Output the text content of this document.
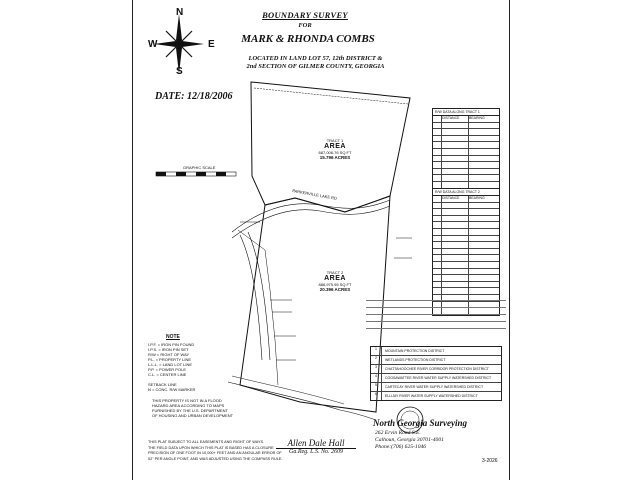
N
S
W	E
BOUNDARY SURVEY
FOR
MARK & RHONDA COMBS
LOCATED IN LAND LOT 57, 12th DISTRICT &
2nd SECTION OF GILMER COUNTY, GEORGIA
DATE: 12/18/2006
GRAPHIC SCALE
TRACT 1
AREA
687,006.76 SQ FT
15.796 ACRES
TRACT 2
AREA
886,975.95 SQ FT
20.396 ACRES
PARKERVILLE LAKE RD
R/W DATA ALONG TRACT 1
DISTANCE	BEARING
R/W DATA ALONG TRACT 2
DISTANCE	BEARING
1	MOUNTAIN PROTECTION DISTRICT
2	WETLANDS PROTECTION DISTRICT
3	CHATTAHOOCHEE RIVER CORRIDOR PROTECTION DISTRICT
4	COOSAWATTEE RIVER WATER SUPPLY WATERSHED DISTRICT
5	CARTECAY RIVER WATER SUPPLY WATERSHED DISTRICT
6	ELLIJAY RIVER WATER SUPPLY WATERSHED DISTRICT
NOTE
I.P.F. = IRON PIN FOUND
I.P.S. = IRON PIN SET
R/W = RIGHT OF WAY
P.L. = PROPERTY LINE
L.L.L. = LAND LOT LINE
P.P. = POWER POLE
C.L. = CENTER LINE

SETBACK LINE
N = CONC. R/W MARKER
THIS PROPERTY IS NOT IN A FLOOD
HAZARD AREA ACCORDING TO MAPS
FURNISHED BY THE U.S. DEPARTMENT
OF HOUSING AND URBAN DEVELOPMENT
THIS PLAT SUBJECT TO ALL EASEMENTS AND RIGHT OF WAYS.
THE FIELD DATA UPON WHICH THIS PLAT IS BASED HAS A CLOSURE
PRECISION OF ONE FOOT IN 10,000+ FEET AND AN ANGULAR ERROR OF
02" PER ANGLE POINT, AND WAS ADJUSTED USING THE COMPASS RULE.
Allen Dale Hall
Ga.Reg. L.S. No. 2609
North Georgia Surveying
262 Ervin Road S.E.
Calhoun, Georgia 30701-4001
Phone:(706) 625-1046
3-2026
